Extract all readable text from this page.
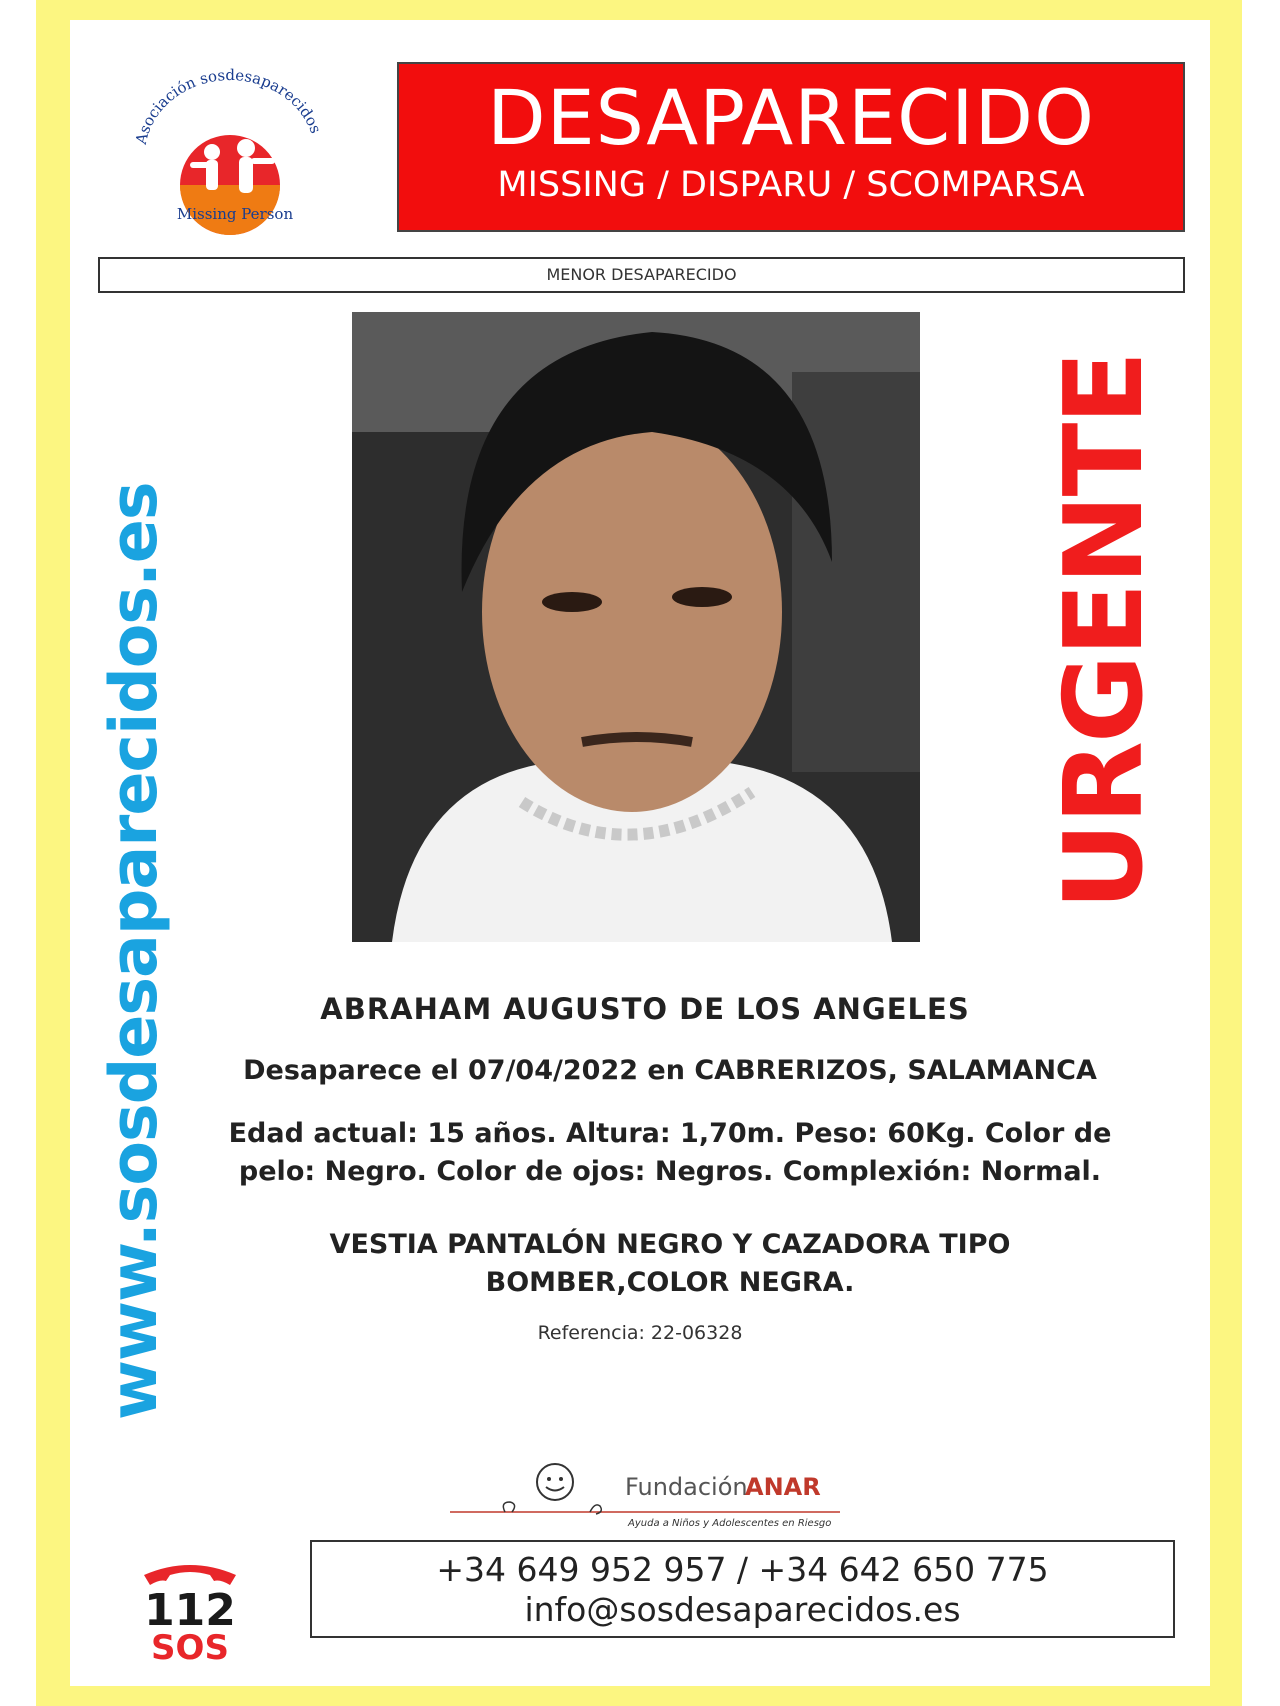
Asociación sosdesaparecidos
Missing Person
DESAPARECIDO
MISSING / DISPARU / SCOMPARSA
MENOR DESAPARECIDO
www.sosdesaparecidos.es	URGENTE
ABRAHAM AUGUSTO DE LOS ANGELES
Desaparece el 07/04/2022 en CABRERIZOS, SALAMANCA
Edad actual: 15 años. Altura: 1,70m. Peso: 60Kg. Color de
pelo: Negro. Color de ojos: Negros. Complexión: Normal.
VESTIA PANTALÓN NEGRO Y CAZADORA TIPO
BOMBER,COLOR NEGRA.
Referencia: 22-06328
Fundación
ANAR
Ayuda a Niños y Adolescentes en Riesgo
+34 649 952 957 / +34 642 650 775
info@sosdesaparecidos.es
112
SOS
